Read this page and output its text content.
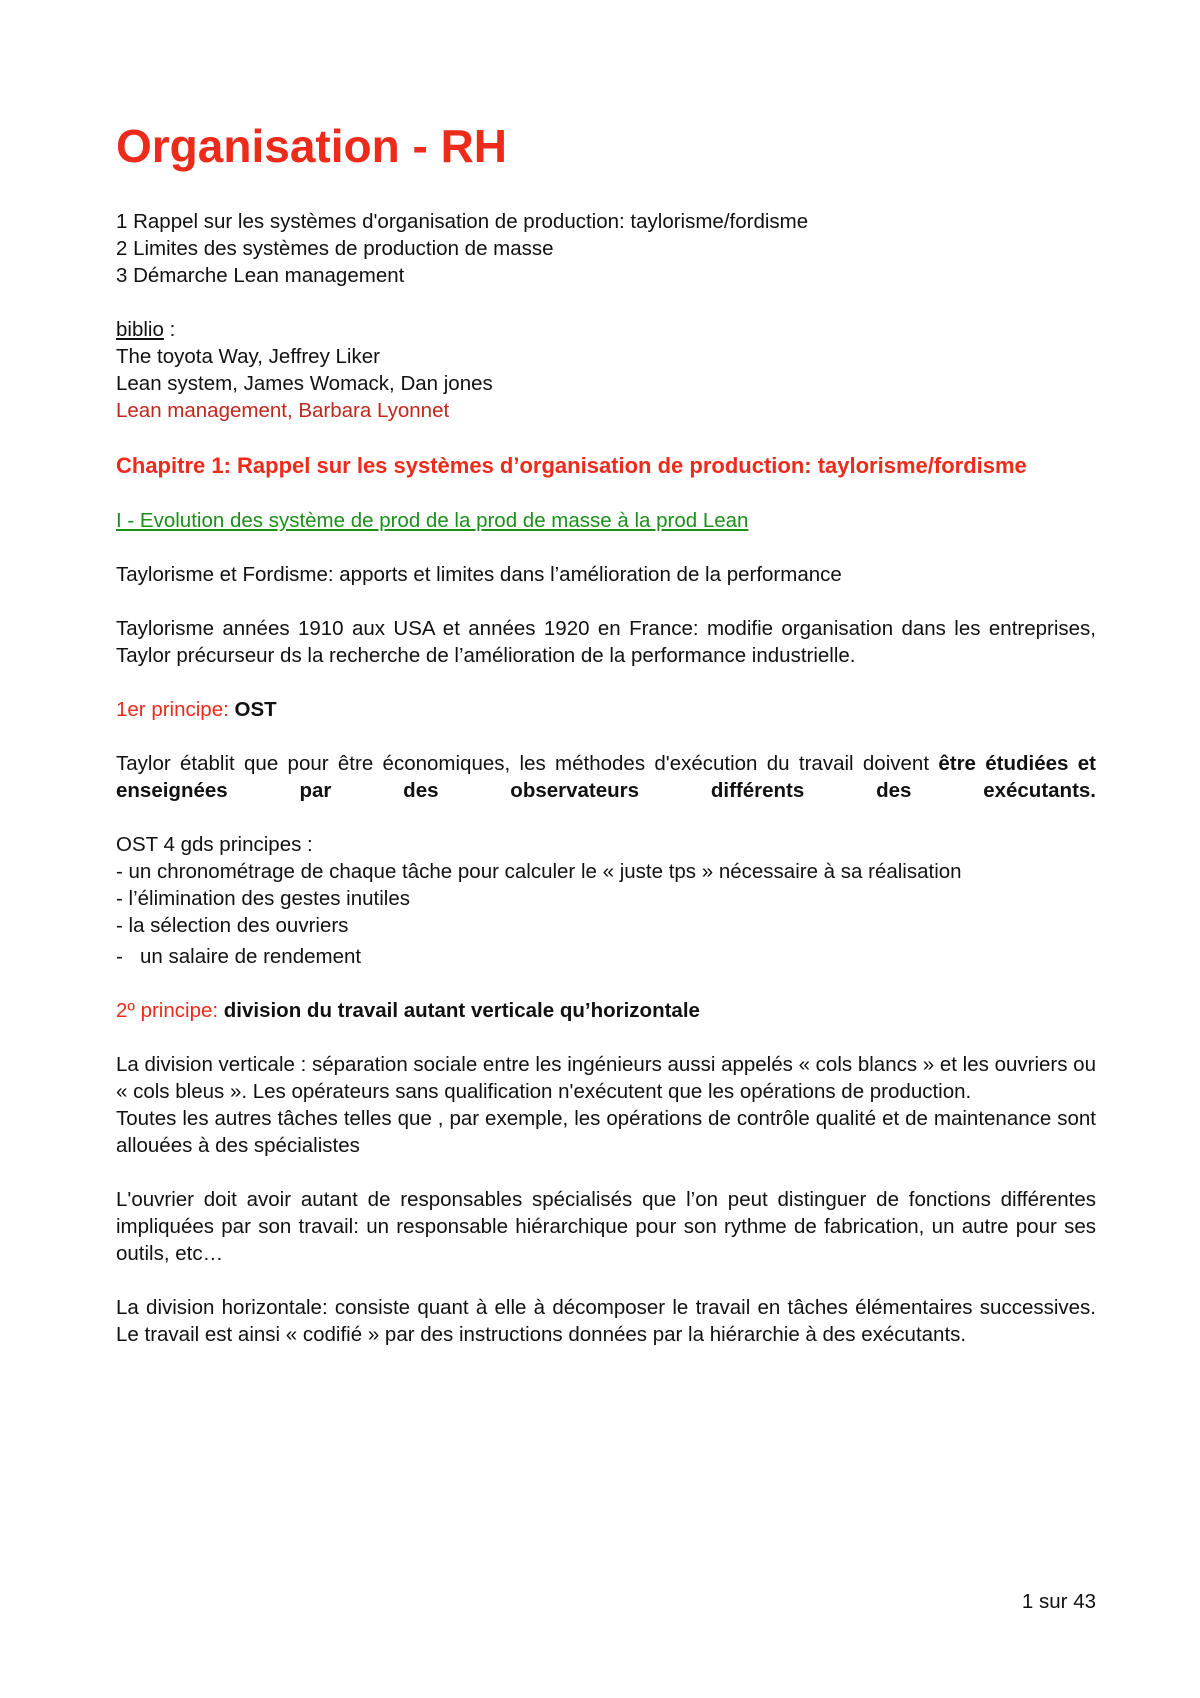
Organisation - RH
1 Rappel sur les systèmes d'organisation de production: taylorisme/fordisme
2 Limites des systèmes de production de masse
3 Démarche Lean management
biblio :
The toyota Way, Jeffrey Liker
Lean system, James Womack, Dan jones
Lean management, Barbara Lyonnet
Chapitre 1: Rappel sur les systèmes d’organisation de production: taylorisme/fordisme
I - Evolution des système de prod de la prod de masse à la prod Lean

Taylorisme et Fordisme: apports et limites dans l’amélioration de la performance

Taylorisme années 1910 aux USA et années 1920 en France: modifie organisation dans les entreprises, Taylor précurseur ds la recherche de l’amélioration de la performance industrielle.

1er principe: OST

Taylor établit que pour être économiques, les méthodes d'exécution du travail doivent être étudiées et enseignées par des observateurs différents des exécutants.

OST 4 gds principes :
- un chronométrage de chaque tâche pour calculer le « juste tps » nécessaire à sa réalisation
- l’élimination des gestes inutiles
- la sélection des ouvriers
- un salaire de rendement

2º principe: division du travail autant verticale qu’horizontale

La division verticale : séparation sociale entre les ingénieurs aussi appelés « cols blancs » et les ouvriers ou « cols bleus ». Les opérateurs sans qualification n'exécutent que les opérations de production.

Toutes les autres tâches telles que , par exemple, les opérations de contrôle qualité et de maintenance sont allouées à des spécialistes

L'ouvrier doit avoir autant de responsables spécialisés que l’on peut distinguer de fonctions différentes impliquées par son travail: un responsable hiérarchique pour son rythme de fabrication, un autre pour ses outils, etc…

La division horizontale: consiste quant à elle à décomposer le travail en tâches élémentaires successives. Le travail est ainsi « codifié » par des instructions données par la hiérarchie à des exécutants.

1 sur 43
